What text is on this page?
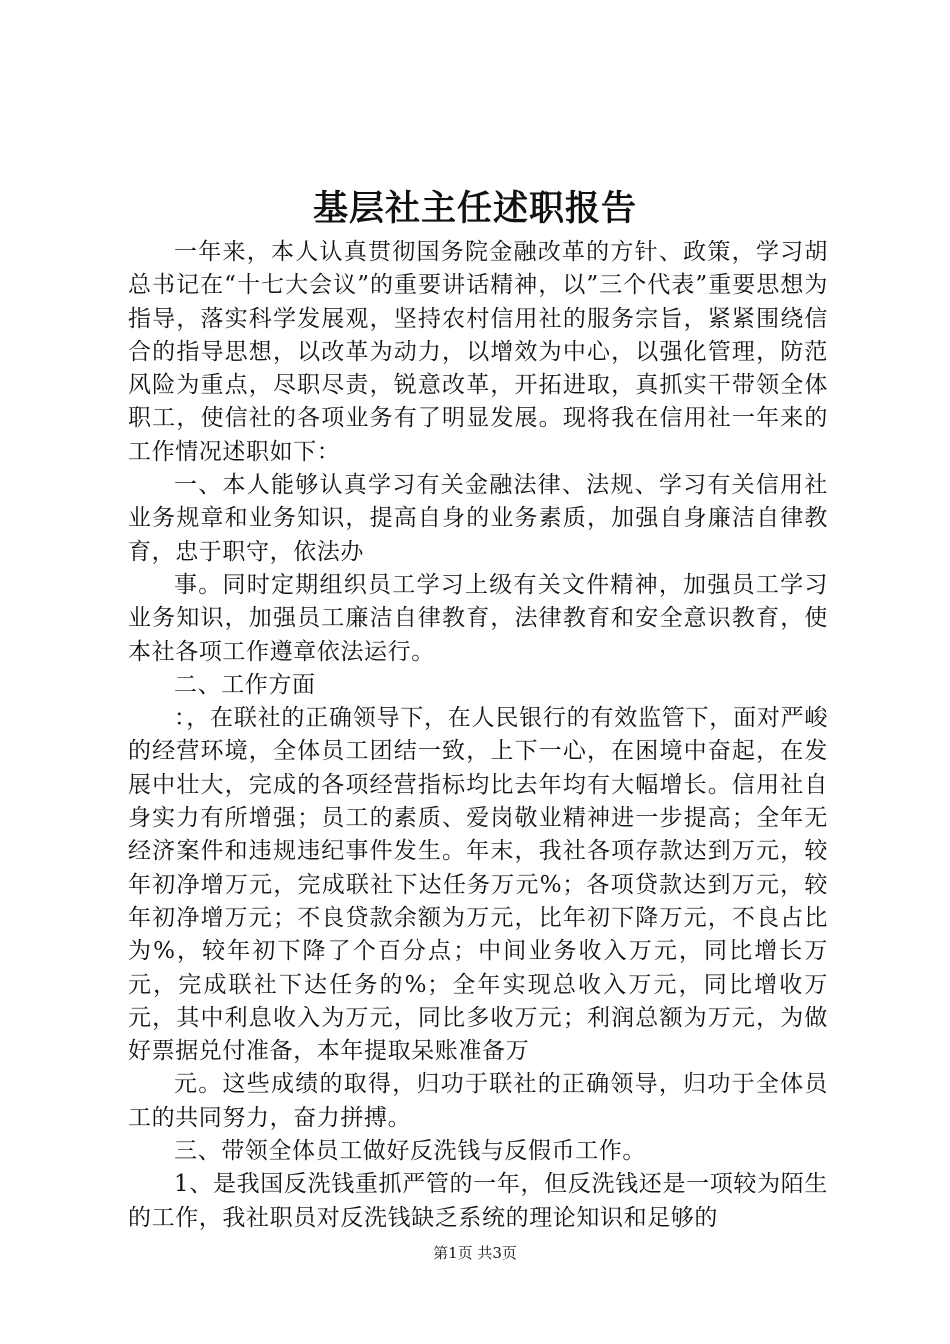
基层社主任述职报告

一年来，本人认真贯彻国务院金融改革的方针、政策，学习胡总书记在“十七大会议”的重要讲话精神，以”三个代表”重要思想为指导，落实科学发展观，坚持农村信用社的服务宗旨，紧紧围绕信合的指导思想，以改革为动力，以增效为中心，以强化管理，防范风险为重点，尽职尽责，锐意改革，开拓进取，真抓实干带领全体职工，使信社的各项业务有了明显发展。现将我在信用社一年来的工作情况述职如下：

一、本人能够认真学习有关金融法律、法规、学习有关信用社业务规章和业务知识，提高自身的业务素质，加强自身廉洁自律教育，忠于职守，依法办

事。同时定期组织员工学习上级有关文件精神，加强员工学习业务知识，加强员工廉洁自律教育，法律教育和安全意识教育，使本社各项工作遵章依法运行。

二、工作方面

：，在联社的正确领导下，在人民银行的有效监管下，面对严峻的经营环境，全体员工团结一致，上下一心，在困境中奋起，在发展中壮大，完成的各项经营指标均比去年均有大幅增长。信用社自身实力有所增强；员工的素质、爱岗敬业精神进一步提高；全年无经济案件和违规违纪事件发生。年末，我社各项存款达到万元，较年初净增万元，完成联社下达任务万元%；各项贷款达到万元，较年初净增万元；不良贷款余额为万元，比年初下降万元，不良占比为%，较年初下降了个百分点；中间业务收入万元，同比增长万元，完成联社下达任务的%；全年实现总收入万元，同比增收万元，其中利息收入为万元，同比多收万元；利润总额为万元，为做好票据兑付准备，本年提取呆账准备万

元。这些成绩的取得，归功于联社的正确领导，归功于全体员工的共同努力，奋力拼搏。

三、带领全体员工做好反洗钱与反假币工作。

1、是我国反洗钱重抓严管的一年，但反洗钱还是一项较为陌生的工作，我社职员对反洗钱缺乏系统的理论知识和足够的

第1页 共3页
